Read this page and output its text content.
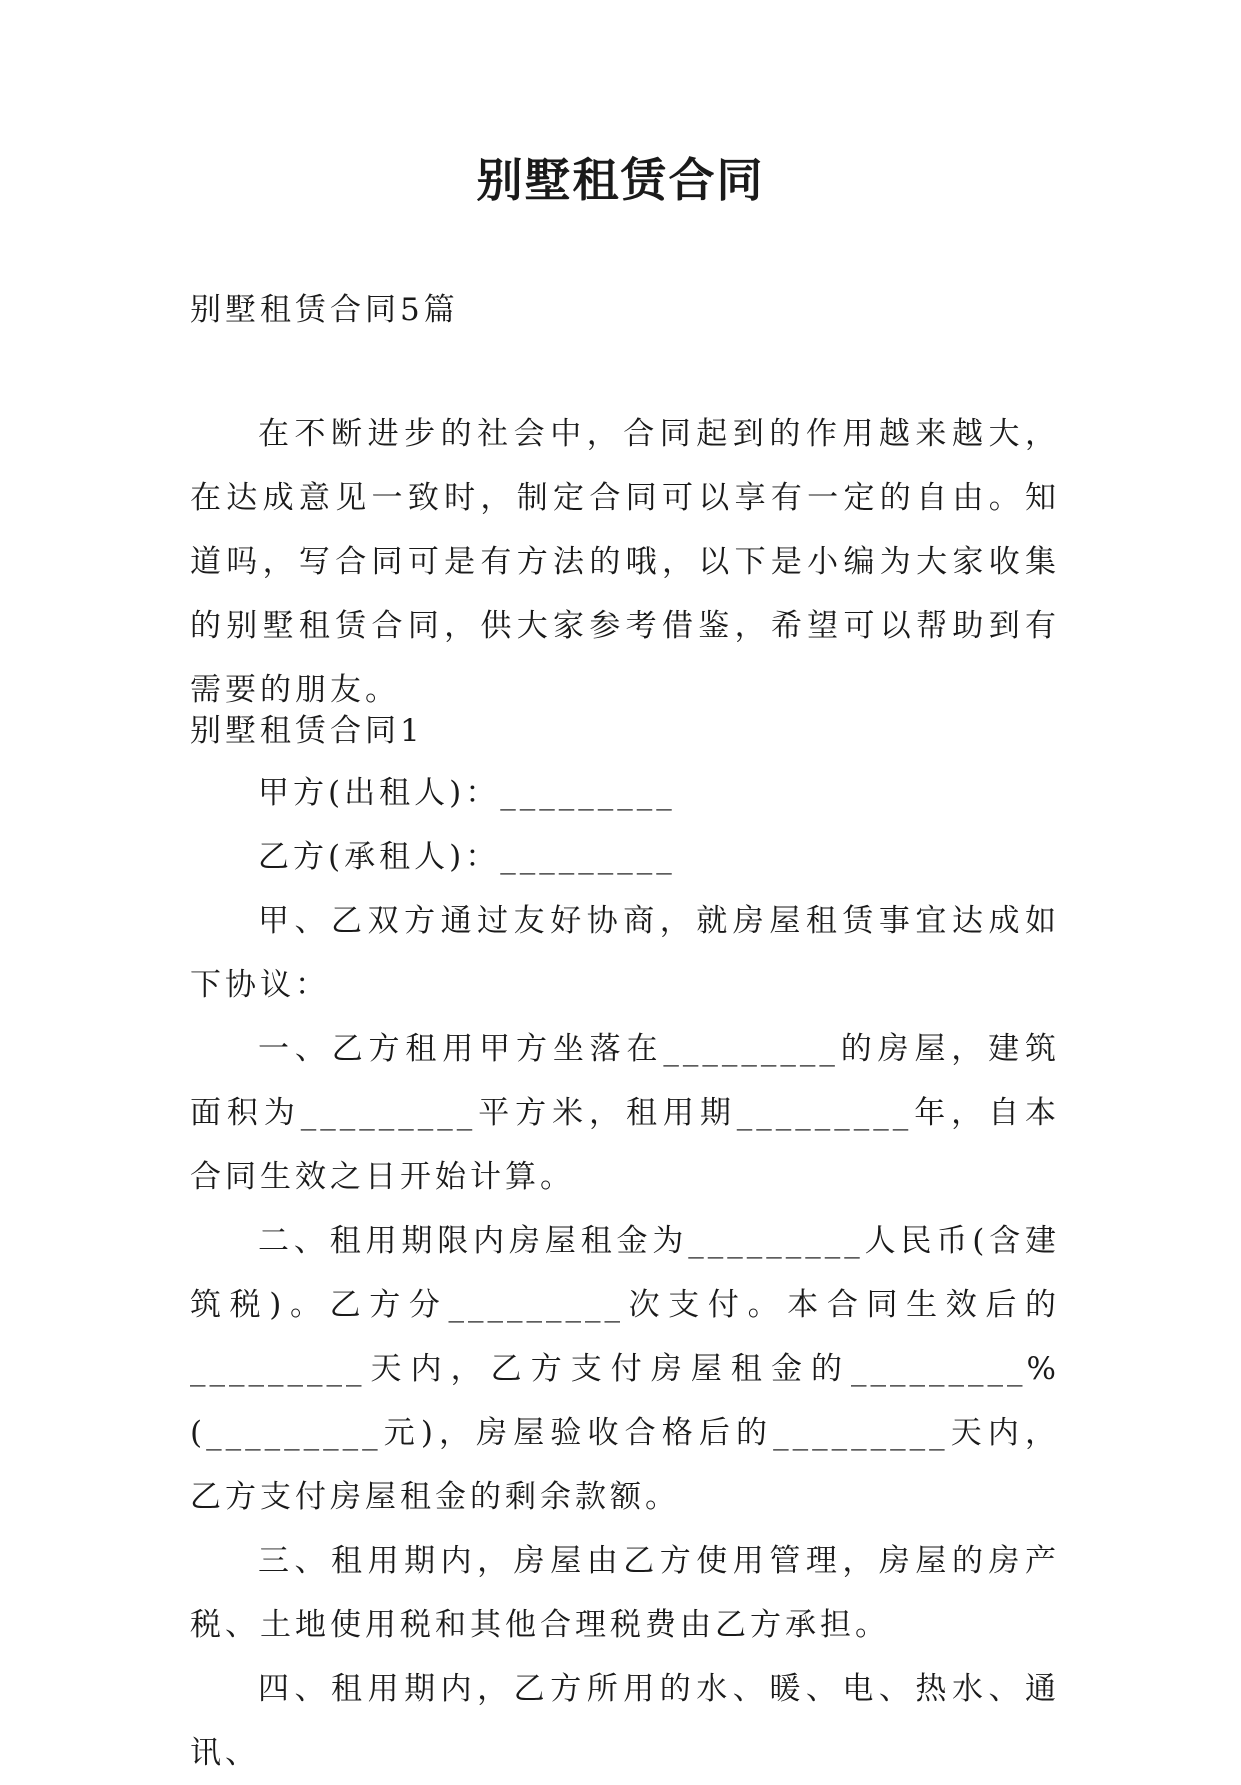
别墅租赁合同

别墅租赁合同5篇

在不断进步的社会中，合同起到的作用越来越大，在达成意见一致时，制定合同可以享有一定的自由。知道吗，写合同可是有方法的哦，以下是小编为大家收集的别墅租赁合同，供大家参考借鉴，希望可以帮助到有需要的朋友。

别墅租赁合同1

甲方(出租人)：_________

乙方(承租人)：_________

甲、乙双方通过友好协商，就房屋租赁事宜达成如下协议：

一、乙方租用甲方坐落在_________的房屋，建筑面积为_________平方米，租用期_________年，自本合同生效之日开始计算。

二、租用期限内房屋租金为_________人民币(含建筑税)。乙方分_________次支付。本合同生效后的_________天内，乙方支付房屋租金的_________%(_________元)，房屋验收合格后的_________天内，乙方支付房屋租金的剩余款额。

三、租用期内，房屋由乙方使用管理，房屋的房产税、土地使用税和其他合理税费由乙方承担。

四、租用期内，乙方所用的水、暖、电、热水、通讯、
